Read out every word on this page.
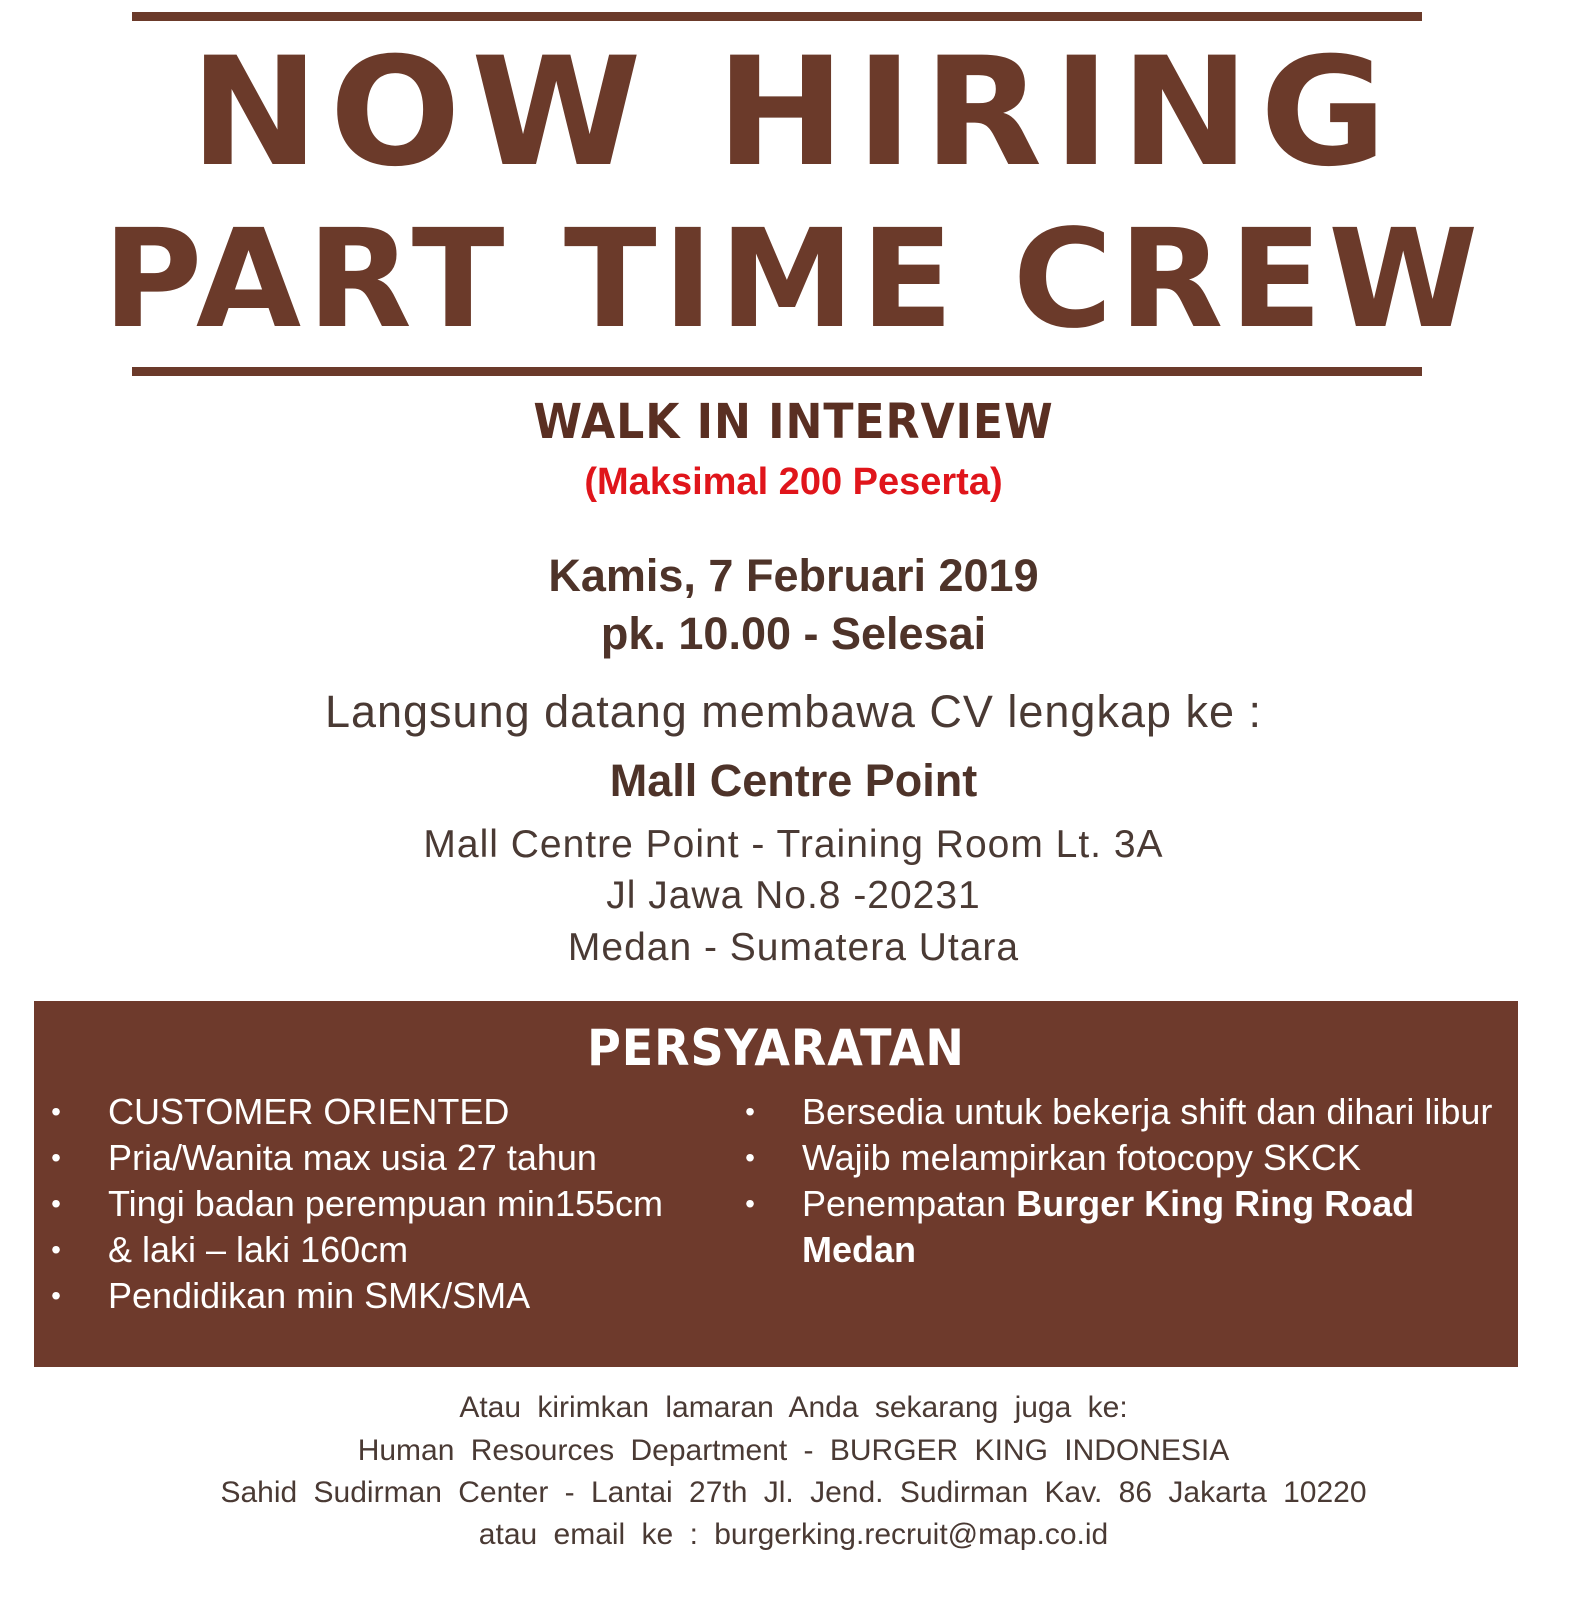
NOW HIRING
PART TIME CREW
WALK IN INTERVIEW
(Maksimal 200 Peserta)
Kamis, 7 Februari 2019
pk. 10.00 - Selesai
Langsung datang membawa CV lengkap ke :
Mall Centre Point
Mall Centre Point - Training Room Lt. 3A
Jl Jawa No.8 -20231
Medan - Sumatera Utara
PERSYARATAN
• CUSTOMER ORIENTED
• Pria/Wanita max usia 27 tahun
• Tingi badan perempuan min155cm
• & laki – laki 160cm
• Pendidikan min SMK/SMA
• Bersedia untuk bekerja shift dan dihari libur
• Wajib melampirkan fotocopy SKCK
• Penempatan Burger King Ring Road Medan
Atau kirimkan lamaran Anda sekarang juga ke:
Human Resources Department - BURGER KING INDONESIA
Sahid Sudirman Center - Lantai 27th Jl. Jend. Sudirman Kav. 86 Jakarta 10220
atau email ke : burgerking.recruit@map.co.id
